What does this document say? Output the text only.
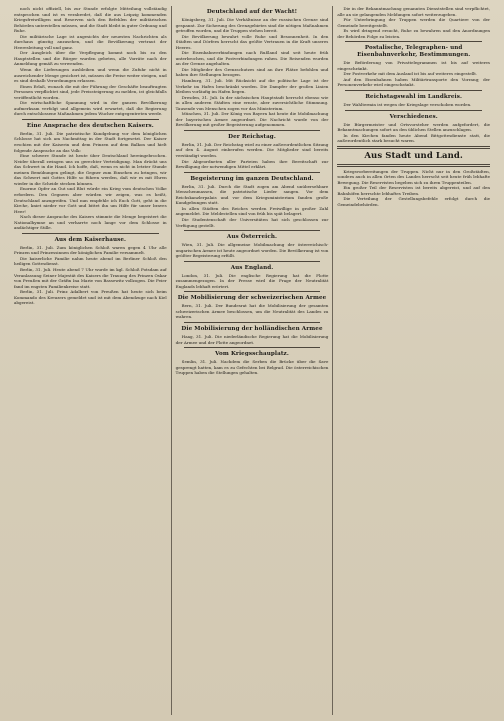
noch nicht offiziell, bis zur Stunde erfolgte Mitteilung vollständig entsprochen und ist es verabredet, daß die aus Leipzig kommenden Kriegsfreiwilligen und Reserven sich den Befehlen der militärischen Behörden unterstellen müssen, und die Stadt bleibt in guter Ordnung und Ruhe.

Die militärische Lage ist angesichts der neuesten Nachrichten als durchaus günstig anzusehen, und die Bevölkerung vertraut der Heeresleitung voll und ganz.

Der Ausgleich über die Verpflegung kommt noch bis zu den Hauptstellen und die Bürger wurden gebeten, alle Vorräte nach der Anmeldung gemäß zu verwenden.

Wenn die Lieferungen ausbleiben und wenn die Zufuhr nicht in ausreichender Menge gesichert ist, müssen die Preise weiter steigen, und es sind deshalb Verordnungen erlassen.

Einen Erlaß, wonach die mit der Führung der Geschäfte beauftragten Personen verpflichtet sind, jede Preissteigerung zu melden, ist gleichfalls veröffentlicht worden.

Die wirtschaftliche Spannung wird in der ganzen Bevölkerung aufmerksam verfolgt und allgemein wird erwartet, daß die Regierung durch entschlossene Maßnahmen jedem Wucher entgegentreten werde.

Eine Ansprache des deutschen Kaisers.

Berlin, 31. Juli. Die patriotische Kundgebung vor dem königlichen Schlosse hat sich am Nachmittag in der Stadt fortgesetzt. Der Kaiser erschien mit der Kaiserin und dem Prinzen auf dem Balkon und hielt folgende Ansprache an das Volk:

Eine schwere Stunde ist heute über Deutschland hereingebrochen. Neider überall zwingen uns zu gerechter Verteidigung. Man drückt uns das Schwert in die Hand. Ich hoffe, daß, wenn es nicht in letzter Stunde meinen Bemühungen gelingt, die Gegner zum Einsehen zu bringen, wir das Schwert mit Gottes Hilfe so führen werden, daß wir es mit Ehren wieder in die Scheide stecken können.

Enorme Opfer an Gut und Blut würde ein Krieg vom deutschen Volke erfordern. Den Gegnern aber würden wir zeigen, was es heißt, Deutschland anzugreifen. Und nun empfehle ich Euch Gott, geht in die Kirche, kniet nieder vor Gott und bittet ihn um Hilfe für unser braves Heer!

Nach dieser Ansprache des Kaisers stimmte die Menge begeistert die Nationalhymne an und verharrte noch lange vor dem Schlosse in andächtiger Stille.

Aus dem Kaiserhause.

Berlin, 31. Juli. Zum königlichen Schloß waren gegen 4 Uhr alle Prinzen und Prinzessinnen der königlichen Familie versammelt.

Die kaiserliche Familie nahm heute abend im Berliner Schloß den heiligen Gottesdienst.

Berlin, 31. Juli. Heute abend 7 Uhr wurde im kgl. Schloß Potsdam auf Veranlassung Seiner Majestät des Kaisers die Trauung des Prinzen Oskar von Preußen mit der Gräfin Ina Marie von Bassewitz vollzogen. Die Feier fand im engsten Familienkreise statt.

Berlin, 31. Juli. Prinz Adalbert von Preußen hat heute sich beim Kommando des Kreuzers gemeldet und ist mit dem Abendzuge nach Kiel abgereist.

Deutschland auf der Wacht!

Königsberg, 31. Juli. Die Verhältnisse an der russischen Grenze sind gespannt. Zur Sicherung des Grenzgebietes sind die nötigen Maßnahmen getroffen worden, und die Truppen stehen bereit.

Die Bevölkerung bewahrt volle Ruhe und Besonnenheit. In den Städten und Dörfern herrscht das größte Vertrauen in die Kraft unseres Heeres.

Die Eisenbahnverbindungen nach Rußland sind seit heute früh unterbrochen, und die Postverbindungen ruhen. Die Reisenden wurden an der Grenze angehalten.

Die Mitglieder des Grenzschutzes sind an ihre Plätze befohlen und haben ihre Stellungen bezogen.

Hamburg, 31. Juli. Mit Rücksicht auf die politische Lage ist der Verkehr im Hafen beschränkt worden. Die Dampfer der großen Linien bleiben vorläufig im Hafen liegen.

Dresden, 31. Juli. In der sächsischen Hauptstadt herrscht ebenso wie in allen anderen Städten eine ernste, aber zuversichtliche Stimmung. Tausende von Menschen zogen vor das Ministerium.

München, 31. Juli. Der König von Bayern hat heute die Mobilmachung der bayerischen Armee angeordnet. Die Nachricht wurde von der Bevölkerung mit großer Begeisterung aufgenommen.

Der Reichstag.

Berlin, 31. Juli. Der Reichstag wird zu einer außerordentlichen Sitzung auf den 4. August einberufen werden. Die Mitglieder sind bereits verständigt worden.

Die Abgeordneten aller Parteien haben ihre Bereitschaft zur Bewilligung der notwendigen Mittel erklärt.

Begeisterung im ganzen Deutschland.

Berlin, 31. Juli. Durch die Stadt zogen am Abend unübersehbare Menschenmassen, die patriotische Lieder sangen. Vor dem Reichskanzlerpalais und vor dem Kriegsministerium fanden große Kundgebungen statt.

In allen Städten des Reiches werden Freiwillige in großer Zahl angemeldet. Die Meldestellen sind von früh bis spät belagert.

Die Studentenschaft der Universitäten hat sich geschlossen zur Verfügung gestellt.

Aus Österreich.

Wien, 31. Juli. Die allgemeine Mobilmachung der österreichisch-ungarischen Armee ist heute angeordnet worden. Die Bevölkerung ist von größter Begeisterung erfüllt.

Aus England.

London, 31. Juli. Die englische Regierung hat die Flotte zusammengezogen. In der Presse wird die Frage der Neutralität Englands lebhaft erörtert.

Die Mobilisierung der schweizerischen Armee

Bern, 31. Juli. Der Bundesrat hat die Mobilisierung der gesamten schweizerischen Armee beschlossen, um die Neutralität des Landes zu wahren.

Die Mobilisierung der holländischen Armee

Haag, 31. Juli. Die niederländische Regierung hat die Mobilisierung der Armee und der Flotte angeordnet.

Vom Kriegsschauplatz.

Semlin, 31. Juli. Nachdem die Serben die Brücke über die Save gesprengt hatten, kam es zu Gefechten bei Belgrad. Die österreichischen Truppen haben die Stellungen gehalten.

Die in der Bekanntmachung genannten Dienststellen sind verpflichtet, alle an sie gelangenden Meldungen sofort weiterzugeben.

Für Unterbringung der Truppen werden die Quartiere von der Gemeinde bereitgestellt.

Es wird dringend ersucht, Ruhe zu bewahren und den Anordnungen der Behörden Folge zu leisten.

Postalische, Telegraphen- und Eisenbahnverkehr, Bestimmungen.

Die Beförderung von Privattelegrammen ist bis auf weiteres eingeschränkt.

Der Postverkehr mit dem Ausland ist bis auf weiteres eingestellt.

Auf den Eisenbahnen haben Militärtransporte den Vorrang; der Personenverkehr wird eingeschränkt.

Reichstagswahl im Landkreis.

Der Wahltermin ist wegen der Kriegslage verschoben worden.

Verschiedenes.

Die Bürgermeister und Ortsvorsteher werden aufgefordert, die Bekanntmachungen sofort an den üblichen Stellen anzuschlagen.

In den Kirchen fanden heute Abend Bittgottesdienste statt, die außerordentlich stark besucht waren.

Aus Stadt und Land.

Kriegsvorbereitungen der Truppen. Nicht nur in den Großstädten, sondern auch in allen Orten des Landes herrscht seit heute früh lebhafte Bewegung. Die Reservisten begeben sich zu ihren Truppenteilen.

Ein großer Teil der Reservisten ist bereits abgereist, und auf den Bahnhöfen herrschte lebhaftes Treiben.

Die Verteilung der Gestellungsbefehle erfolgt durch die Gemeindebehörden.
